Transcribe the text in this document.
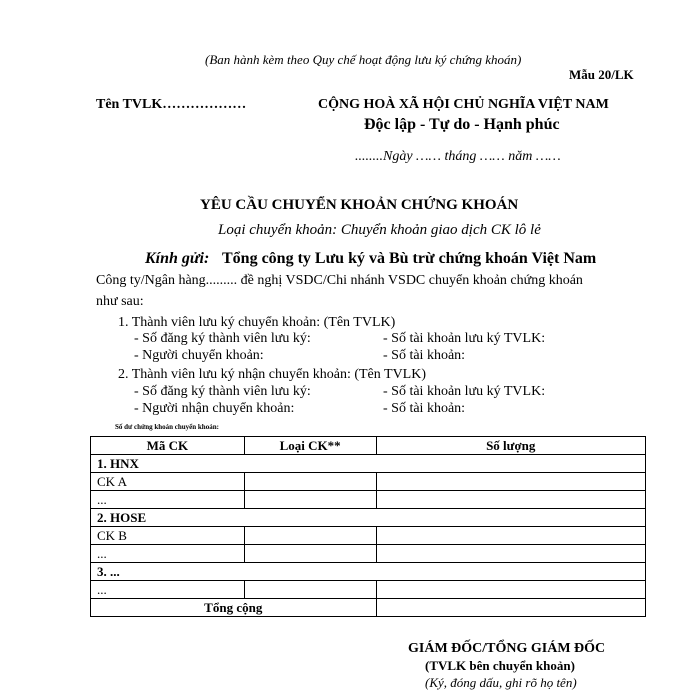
(Ban hành kèm theo Quy chế hoạt động lưu ký chứng khoán)
Mẫu 20/LK
Tên TVLK………………	CỘNG HOÀ XÃ HỘI CHỦ NGHĨA VIỆT NAM
Độc lập - Tự do - Hạnh phúc
........Ngày …… tháng …… năm ……
YÊU CẦU CHUYỂN KHOẢN CHỨNG KHOÁN
Loại chuyển khoản: Chuyển khoản giao dịch CK lô lẻ
Kính gửi: Tổng công ty Lưu ký và Bù trừ chứng khoán Việt Nam
Công ty/Ngân hàng......... đề nghị VSDC/Chi nhánh VSDC chuyển khoản chứng khoán
như sau:
1. Thành viên lưu ký chuyển khoản: (Tên TVLK)
- Số đăng ký thành viên lưu ký:	- Số tài khoản lưu ký TVLK:
- Người chuyển khoản:	- Số tài khoản:
2. Thành viên lưu ký nhận chuyển khoản: (Tên TVLK)
- Số đăng ký thành viên lưu ký:	- Số tài khoản lưu ký TVLK:
- Người nhận chuyển khoản:	- Số tài khoản:
Số dư chứng khoán chuyển khoản:
Mã CK	Loại CK**	Số lượng
1. HNX		
CK A		
...		
2. HOSE		
CK B		
...		
3. ...		
...		
Tổng cộng		
GIÁM ĐỐC/TỔNG GIÁM ĐỐC
(TVLK bên chuyển khoản)
(Ký, đóng dấu, ghi rõ họ tên)
